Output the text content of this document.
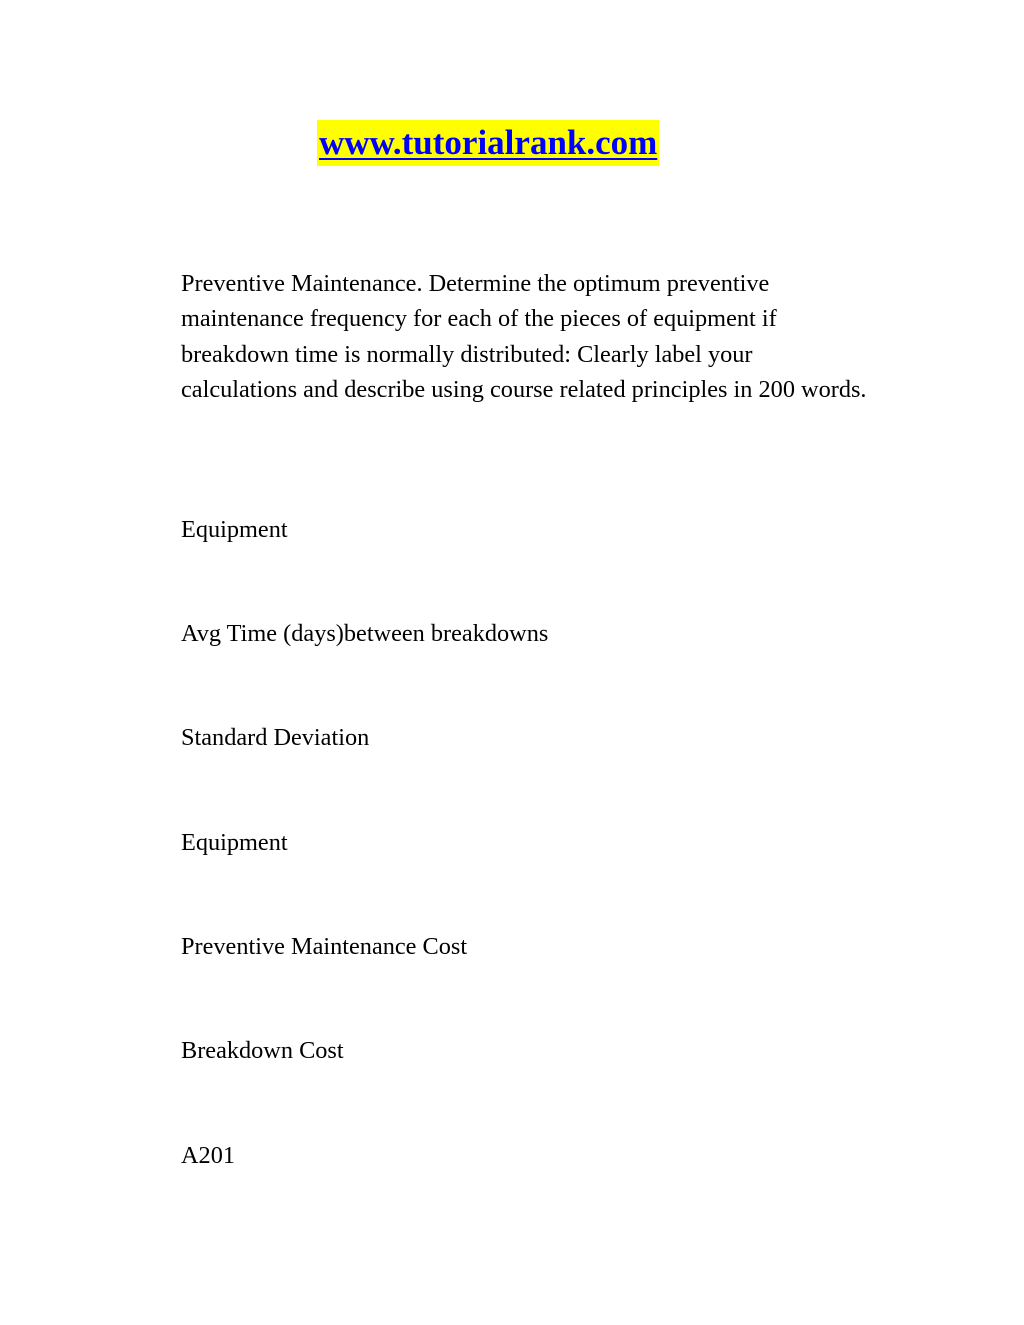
www.tutorialrank.com

Preventive Maintenance. Determine the optimum preventive maintenance frequency for each of the pieces of equipment if breakdown time is normally distributed: Clearly label your calculations and describe using course related principles in 200 words.

Equipment

Avg Time (days)between breakdowns

Standard Deviation

Equipment

Preventive Maintenance Cost

Breakdown Cost

A201
